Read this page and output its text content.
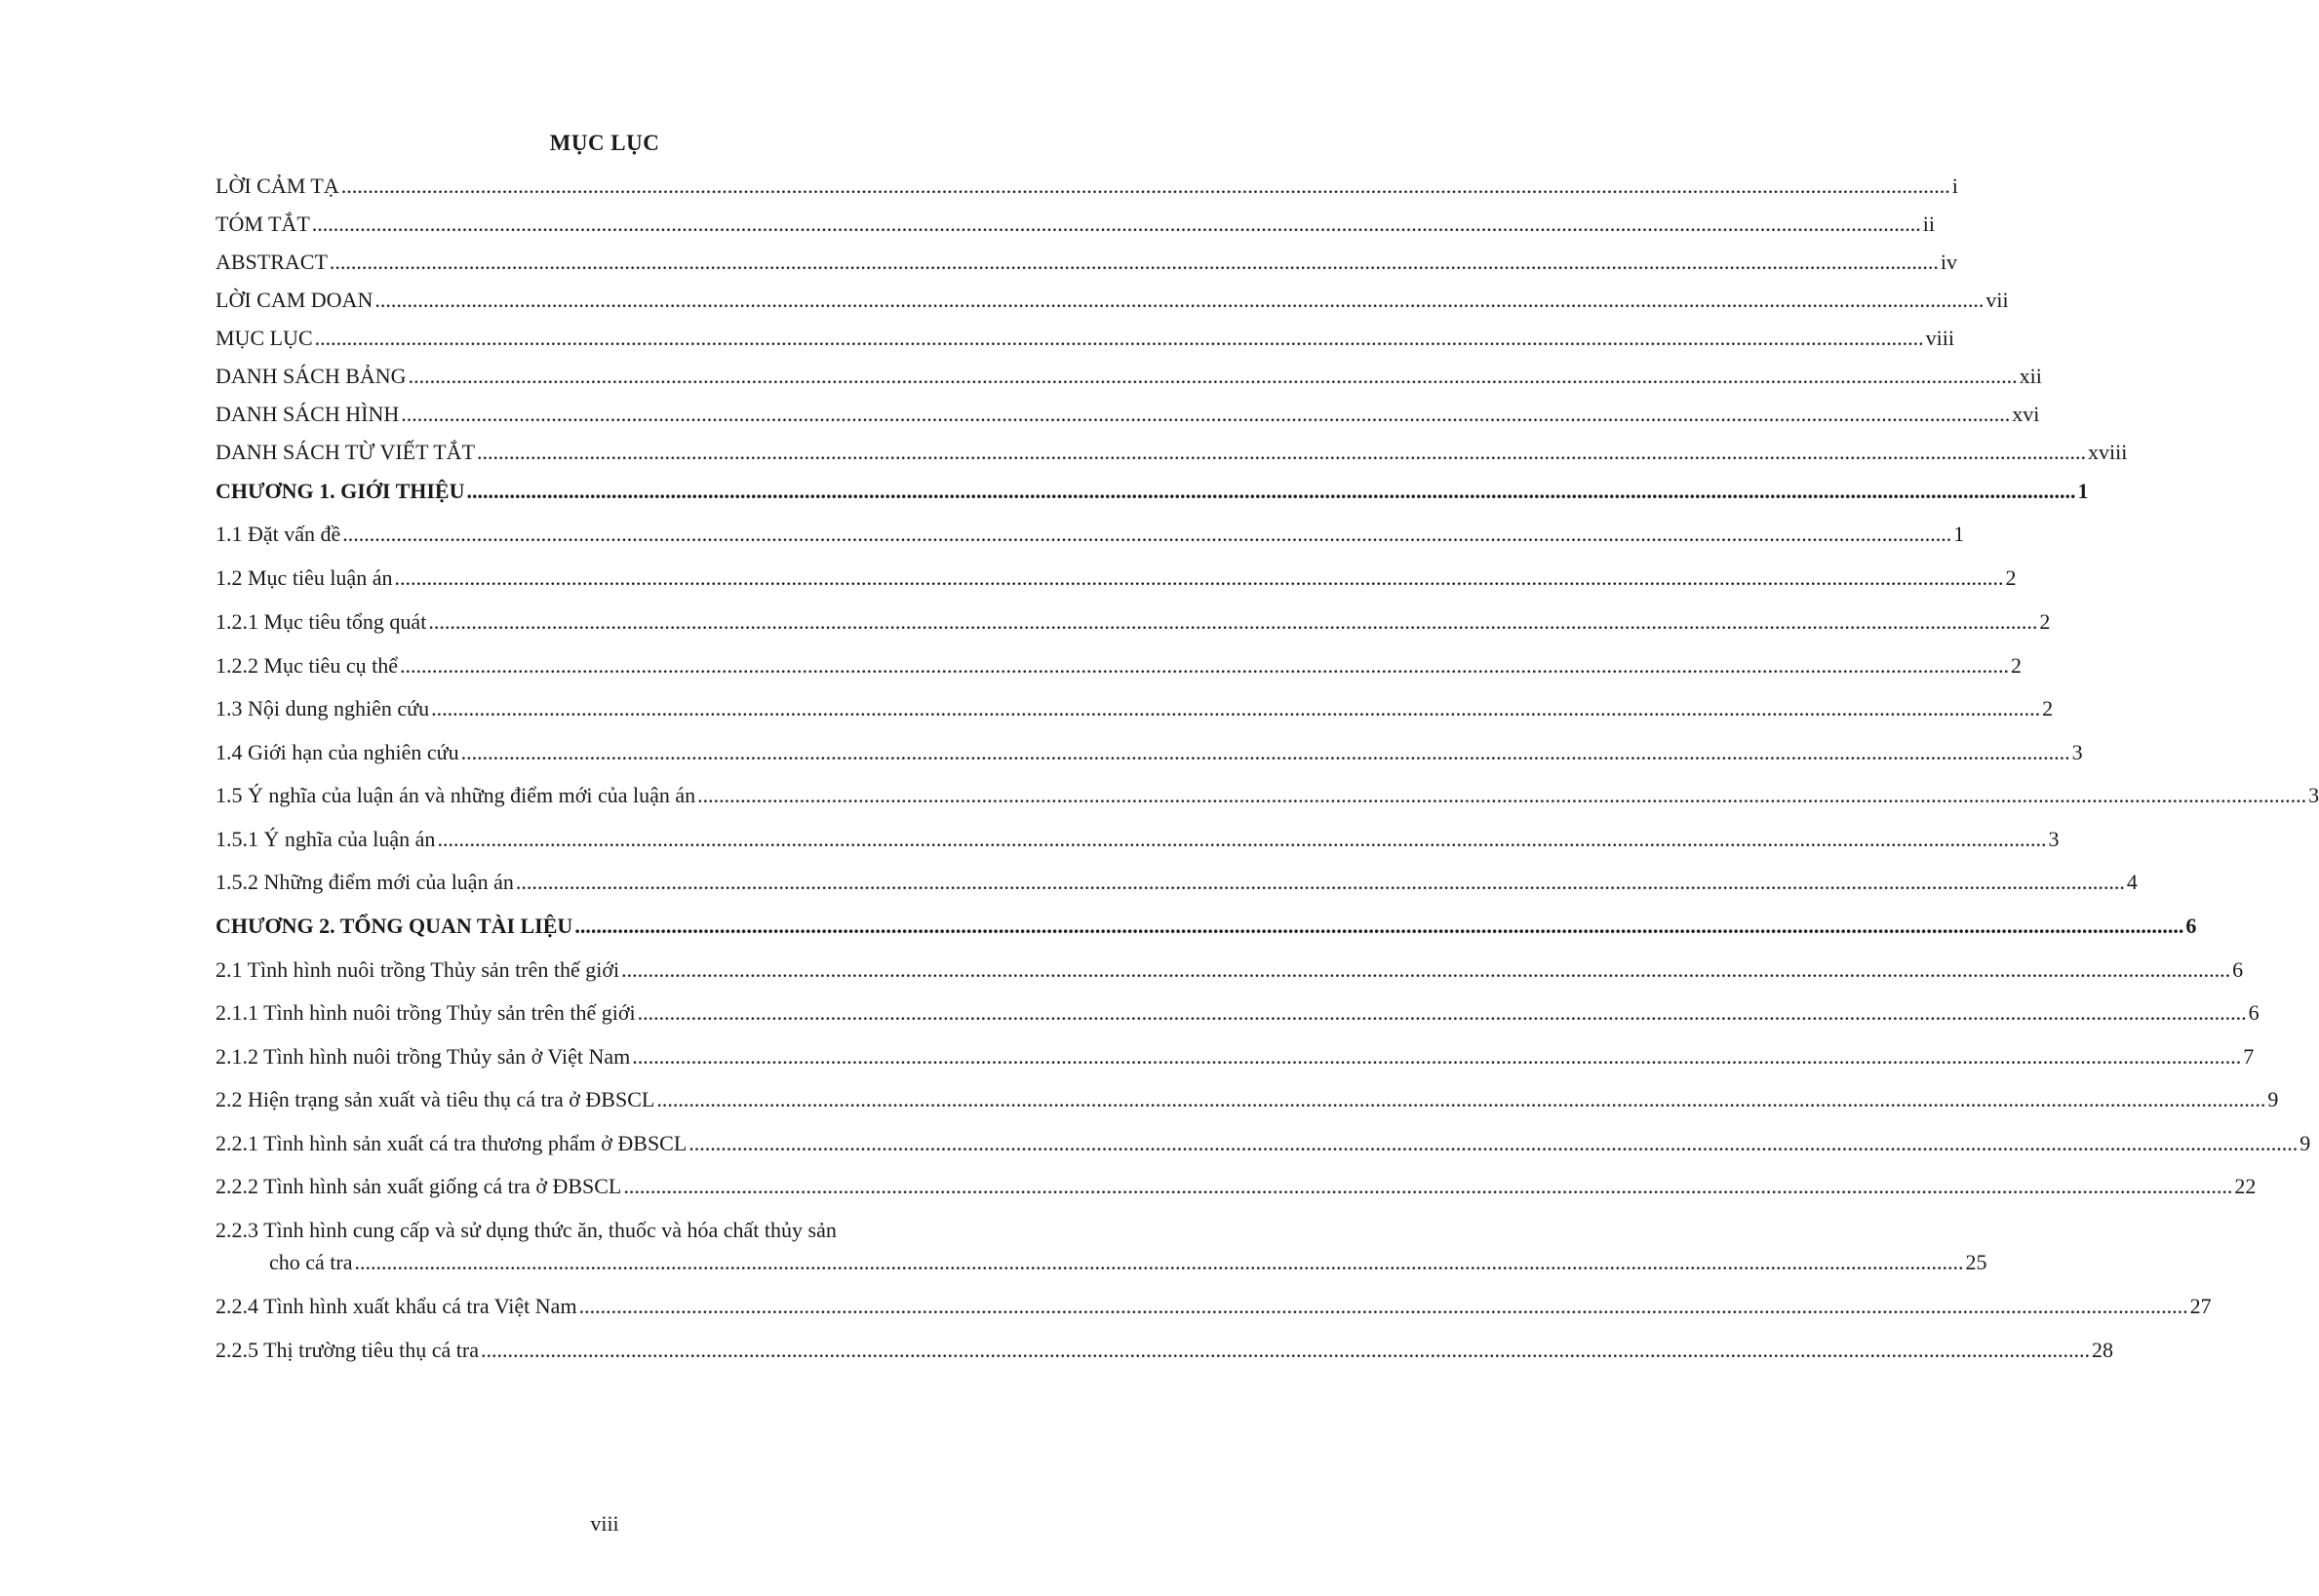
MỤC LỤC
LỜI CẢM TẠ ............................................................................................................................................................................................................................................................................................................ i
TÓM TẮT ............................................................................................................................................................................................................................................................................................................ ii
ABSTRACT ............................................................................................................................................................................................................................................................................................................ iv
LỜI CAM DOAN ............................................................................................................................................................................................................................................................................................................ vii
MỤC LỤC ............................................................................................................................................................................................................................................................................................................ viii
DANH SÁCH BẢNG ............................................................................................................................................................................................................................................................................................................ xii
DANH SÁCH HÌNH ............................................................................................................................................................................................................................................................................................................ xvi
DANH SÁCH TỪ VIẾT TẮT ............................................................................................................................................................................................................................................................................................................ xviii
CHƯƠNG 1. GIỚI THIỆU ............................................................................................................................................................................................................................................................................................................ 1
1.1 Đặt vấn đề ............................................................................................................................................................................................................................................................................................................ 1
1.2 Mục tiêu luận án ............................................................................................................................................................................................................................................................................................................ 2
1.2.1 Mục tiêu tổng quát ............................................................................................................................................................................................................................................................................................................ 2
1.2.2 Mục tiêu cụ thể ............................................................................................................................................................................................................................................................................................................ 2
1.3 Nội dung nghiên cứu ............................................................................................................................................................................................................................................................................................................ 2
1.4 Giới hạn của nghiên cứu ............................................................................................................................................................................................................................................................................................................ 3
1.5 Ý nghĩa của luận án và những điểm mới của luận án ............................................................................................................................................................................................................................................................................................................ 3
1.5.1 Ý nghĩa của luận án ............................................................................................................................................................................................................................................................................................................ 3
1.5.2 Những điểm mới của luận án ............................................................................................................................................................................................................................................................................................................ 4
CHƯƠNG 2. TỔNG QUAN TÀI LIỆU ............................................................................................................................................................................................................................................................................................................ 6
2.1 Tình hình nuôi trồng Thủy sản trên thế giới ............................................................................................................................................................................................................................................................................................................ 6
2.1.1 Tình hình nuôi trồng Thủy sản trên thế giới ............................................................................................................................................................................................................................................................................................................ 6
2.1.2 Tình hình nuôi trồng Thủy sản ở Việt Nam ............................................................................................................................................................................................................................................................................................................ 7
2.2 Hiện trạng sản xuất và tiêu thụ cá tra ở ĐBSCL ............................................................................................................................................................................................................................................................................................................ 9
2.2.1 Tình hình sản xuất cá tra thương phẩm ở ĐBSCL ............................................................................................................................................................................................................................................................................................................ 9
2.2.2 Tình hình sản xuất giống cá tra ở ĐBSCL ............................................................................................................................................................................................................................................................................................................ 22
2.2.3 Tình hình cung cấp và sử dụng thức ăn, thuốc và hóa chất thủy sản
cho cá tra ............................................................................................................................................................................................................................................................................................................ 25
2.2.4 Tình hình xuất khẩu cá tra Việt Nam ............................................................................................................................................................................................................................................................................................................ 27
2.2.5 Thị trường tiêu thụ cá tra ............................................................................................................................................................................................................................................................................................................ 28
viii
